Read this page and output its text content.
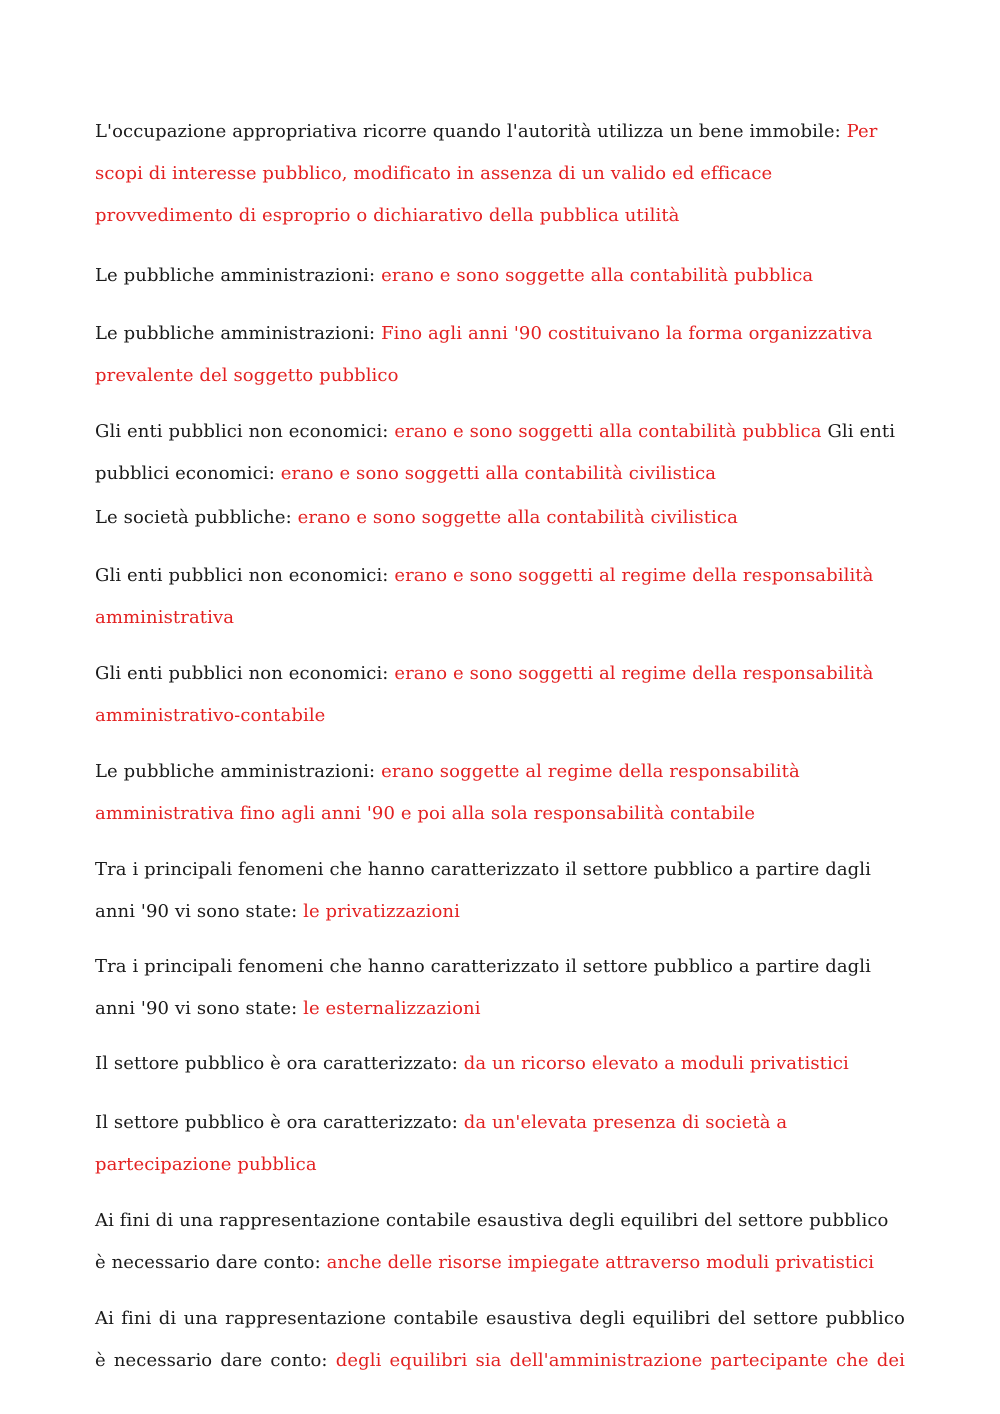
L'occupazione appropriativa ricorre quando l'autorità utilizza un bene immobile: Per scopi di interesse pubblico, modificato in assenza di un valido ed efficace provvedimento di esproprio o dichiarativo della pubblica utilità

Le pubbliche amministrazioni: erano e sono soggette alla contabilità pubblica

Le pubbliche amministrazioni: Fino agli anni '90 costituivano la forma organizzativa prevalente del soggetto pubblico

Gli enti pubblici non economici: erano e sono soggetti alla contabilità pubblica Gli enti pubblici economici: erano e sono soggetti alla contabilità civilistica

Le società pubbliche: erano e sono soggette alla contabilità civilistica

Gli enti pubblici non economici: erano e sono soggetti al regime della responsabilità amministrativa

Gli enti pubblici non economici: erano e sono soggetti al regime della responsabilità amministrativo-contabile

Le pubbliche amministrazioni: erano soggette al regime della responsabilità amministrativa fino agli anni '90 e poi alla sola responsabilità contabile

Tra i principali fenomeni che hanno caratterizzato il settore pubblico a partire dagli anni '90 vi sono state: le privatizzazioni

Tra i principali fenomeni che hanno caratterizzato il settore pubblico a partire dagli anni '90 vi sono state: le esternalizzazioni

Il settore pubblico è ora caratterizzato: da un ricorso elevato a moduli privatistici

Il settore pubblico è ora caratterizzato: da un'elevata presenza di società a partecipazione pubblica

Ai fini di una rappresentazione contabile esaustiva degli equilibri del settore pubblico è necessario dare conto: anche delle risorse impiegate attraverso moduli privatistici

Ai fini di una rappresentazione contabile esaustiva degli equilibri del settore pubblico è necessario dare conto: degli equilibri sia dell'amministrazione partecipante che dei
